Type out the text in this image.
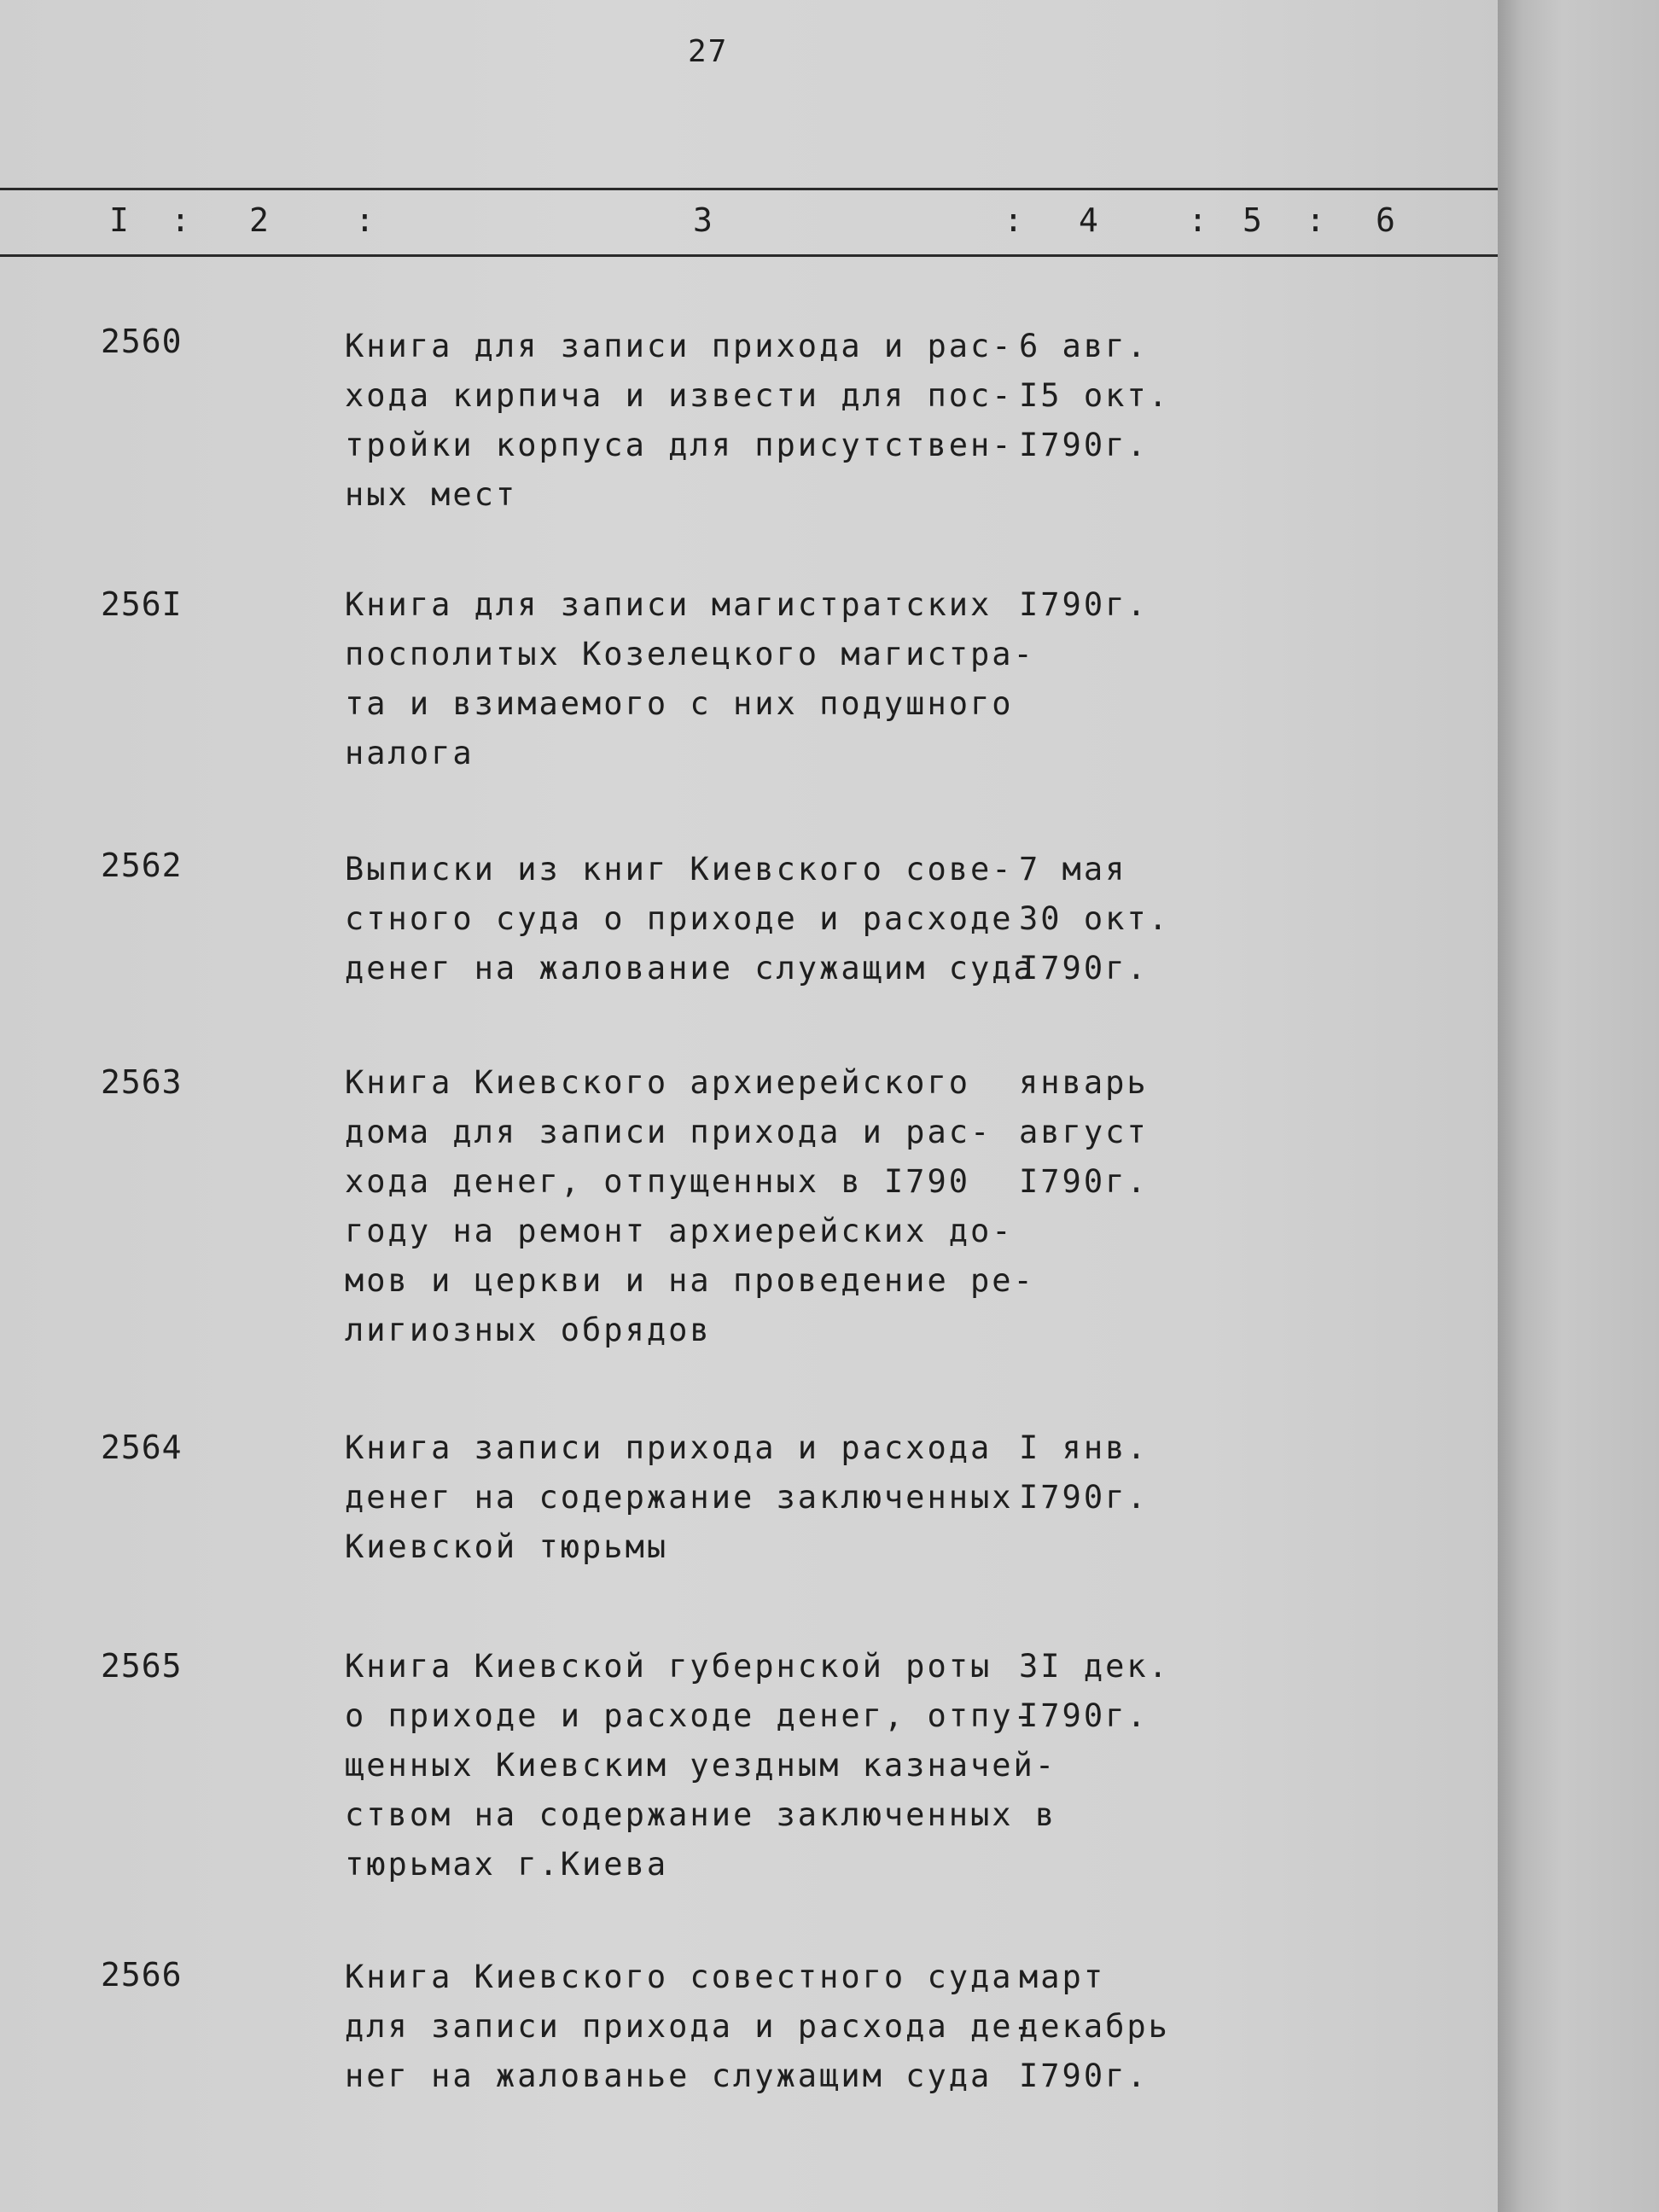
27
I : 2	:	3	: 4	: 5 : 6
2560	Книга для записи прихода и рас-
хода кирпича и извести для пос-
тройки корпуса для присутствен-
ных мест
6 авг.
I5 окт.
I790г.
256I	Книга для записи магистратских
посполитых Козелецкого магистра-
та и взимаемого с них подушного
налога
I790г.
2562	Выписки из книг Киевского сове-
стного суда о приходе и расходе
денег на жалование служащим суда
7 мая
30 окт.
I790г.
2563	Книга Киевского архиерейского
дома для записи прихода и рас-
хода денег, отпущенных в I790
году на ремонт архиерейских до-
мов и церкви и на проведение ре-
лигиозных обрядов
январь
август
I790г.
2564	Книга записи прихода и расхода
денег на содержание заключенных
Киевской тюрьмы
I янв.
I790г.
2565	Книга Киевской губернской роты
о приходе и расходе денег, отпу-
щенных Киевским уездным казначей-
ством на содержание заключенных
тюрьмах г.Киева
3I дек.
I790г.
2566	Книга Киевского совестного суда
для записи прихода и расхода де-
нег на жалованье служащим суда
март
декабрь
I790г.
